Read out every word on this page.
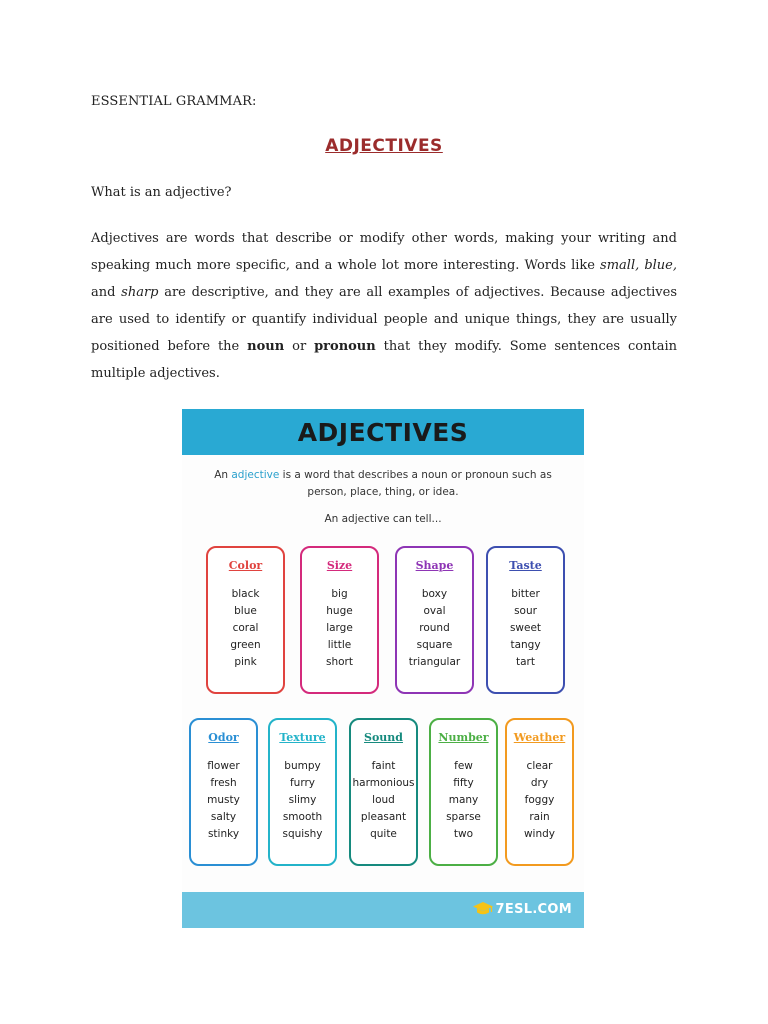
ESSENTIAL GRAMMAR:
ADJECTIVES
What is an adjective?
Adjectives are words that describe or modify other words, making your writing and speaking much more specific, and a whole lot more interesting. Words like small, blue, and sharp are descriptive, and they are all examples of adjectives. Because adjectives are used to identify or quantify individual people and unique things, they are usually positioned before the noun or pronoun that they modify. Some sentences contain multiple adjectives.
ADJECTIVES
An adjective is a word that describes a noun or pronoun such as person, place, thing, or idea.
An adjective can tell...
Color
black
blue
coral
green
pink
Size
big
huge
large
little
short
Shape
boxy
oval
round
square
triangular
Taste
bitter
sour
sweet
tangy
tart
Odor
flower
fresh
musty
salty
stinky
Texture
bumpy
furry
slimy
smooth
squishy
Sound
faint
harmonious
loud
pleasant
quite
Number
few
fifty
many
sparse
two
Weather
clear
dry
foggy
rain
windy
7ESL.COM
